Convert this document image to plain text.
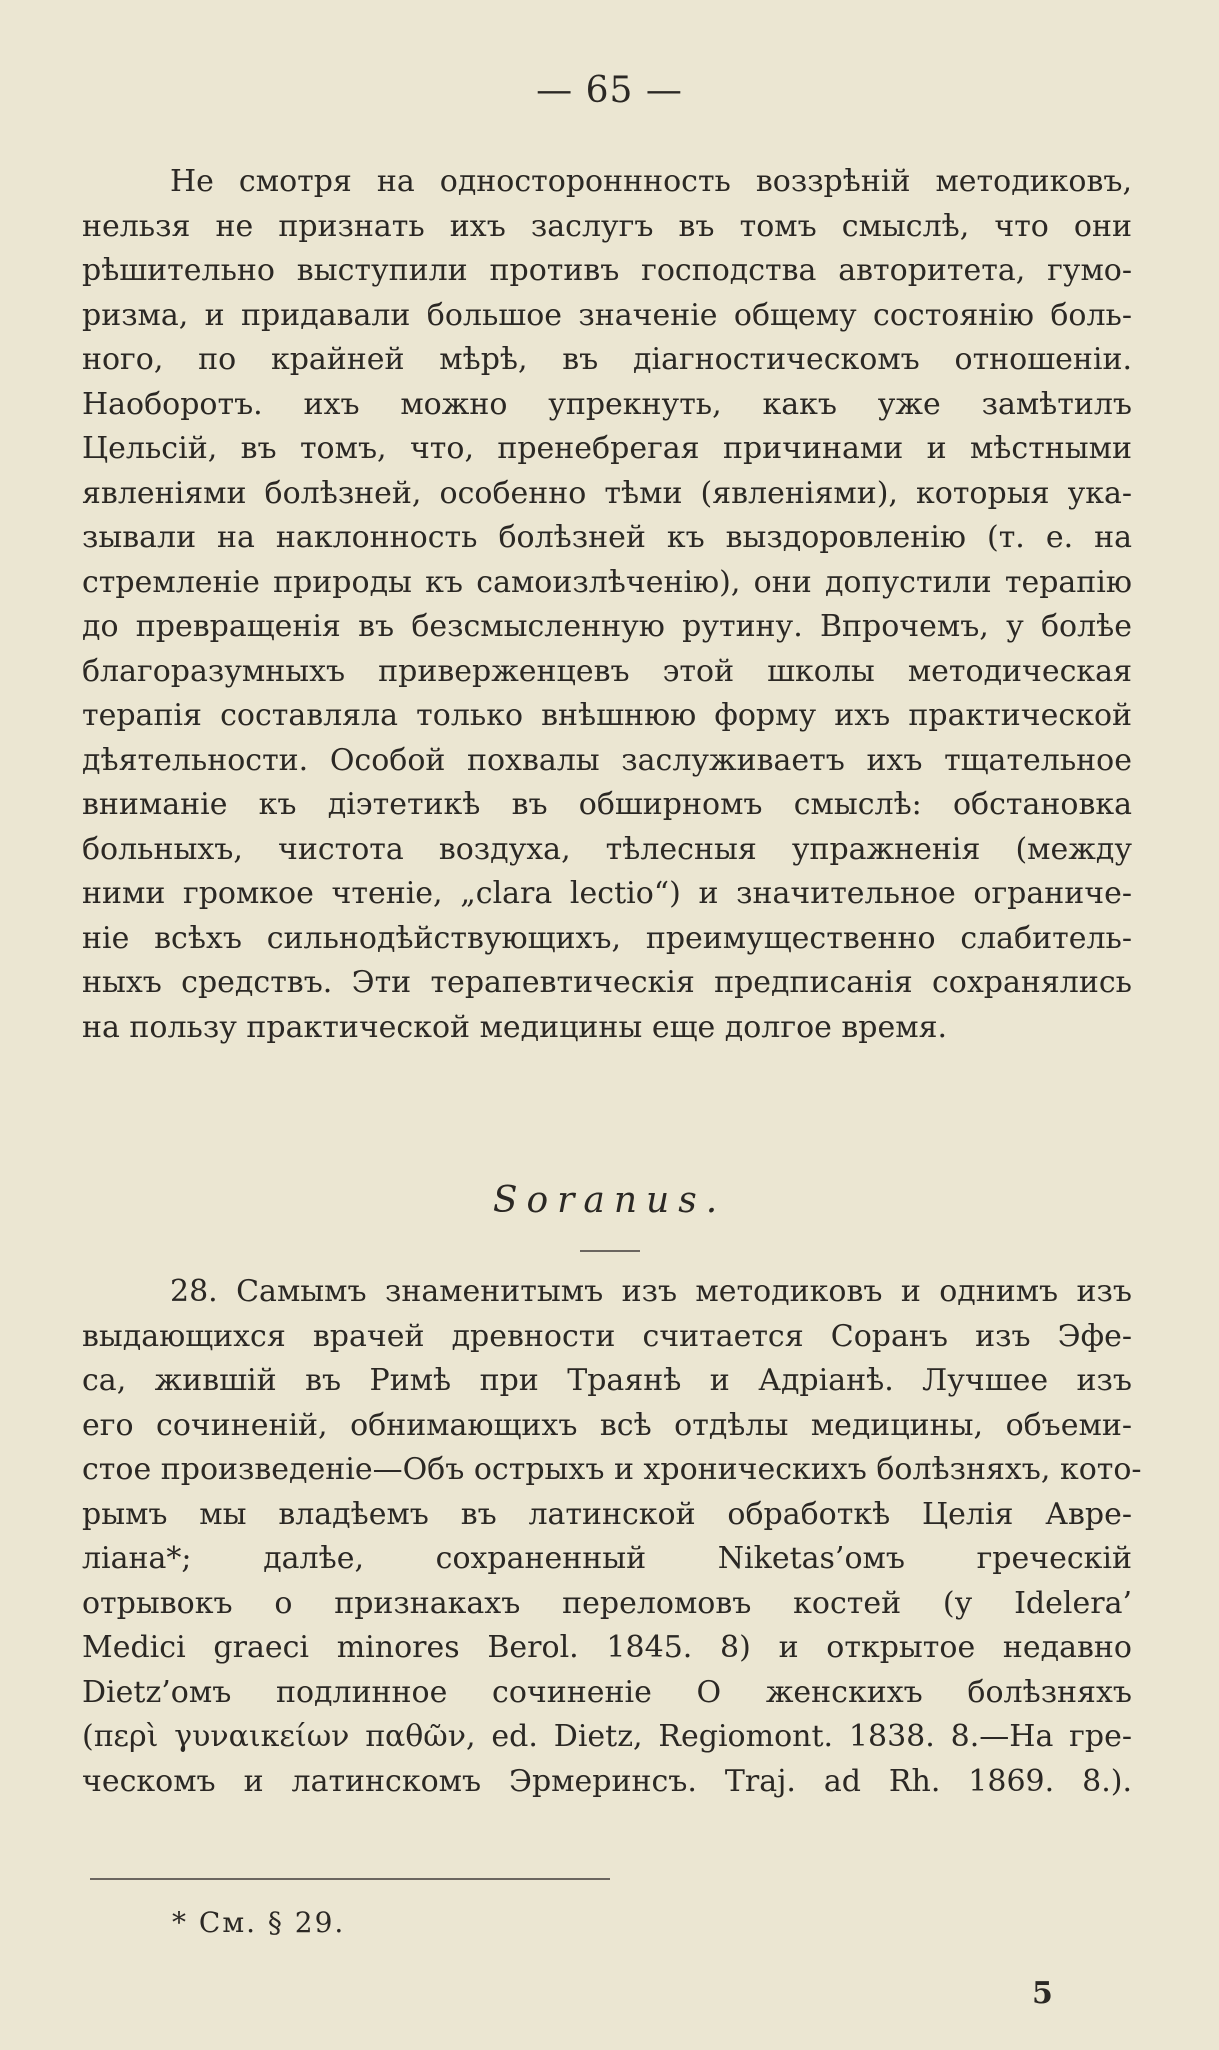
— 65 —
Не смотря на одностороннность воззрѣній методиковъ,
нельзя не признать ихъ заслугъ въ томъ смыслѣ, что они
рѣшительно выступили противъ господства авторитета, гумо-
ризма, и придавали большое значеніе общему состоянію боль-
ного, по крайней мѣрѣ, въ діагностическомъ отношеніи.
Наоборотъ. ихъ можно упрекнуть, какъ уже замѣтилъ
Цельсій, въ томъ, что, пренебрегая причинами и мѣстными
явленіями болѣзней, особенно тѣми (явленіями), которыя ука-
зывали на наклонность болѣзней къ выздоровленію (т. е. на
стремленіе природы къ самоизлѣченію), они допустили терапію
до превращенія въ безсмысленную рутину. Впрочемъ, у болѣе
благоразумныхъ приверженцевъ этой школы методическая
терапія составляла только внѣшнюю форму ихъ практической
дѣятельности. Особой похвалы заслуживаетъ ихъ тщательное
вниманіе къ діэтетикѣ въ обширномъ смыслѣ: обстановка
больныхъ, чистота воздуха, тѣлесныя упражненія (между
ними громкое чтеніе, „clara lectio“) и значительное ограниче-
ніе всѣхъ сильнодѣйствующихъ, преимущественно слабитель-
ныхъ средствъ. Эти терапевтическія предписанія сохранялись
на пользу практической медицины еще долгое время.
Soranus.
28. Самымъ знаменитымъ изъ методиковъ и однимъ изъ
выдающихся врачей древности считается Соранъ изъ Эфе-
са, жившій въ Римѣ при Траянѣ и Адріанѣ. Лучшее изъ
его сочиненій, обнимающихъ всѣ отдѣлы медицины, объеми-
стое произведеніе—Объ острыхъ и хроническихъ болѣзняхъ, кото-
рымъ мы владѣемъ въ латинской обработкѣ Целія Авре-
ліана*; далѣе, сохраненный Niketas’омъ греческій
отрывокъ о признакахъ переломовъ костей (у Idelera’
Medici graeci minores Berol. 1845. 8) и открытое недавно
Dietz’омъ подлинное сочиненіе О женскихъ болѣзняхъ
(περὶ γυναικείων παθῶν, ed. Dietz, Regiomont. 1838. 8.—На гре-
ческомъ и латинскомъ Эрмеринсъ. Traj. ad Rh. 1869. 8.).
* См. § 29.
5
